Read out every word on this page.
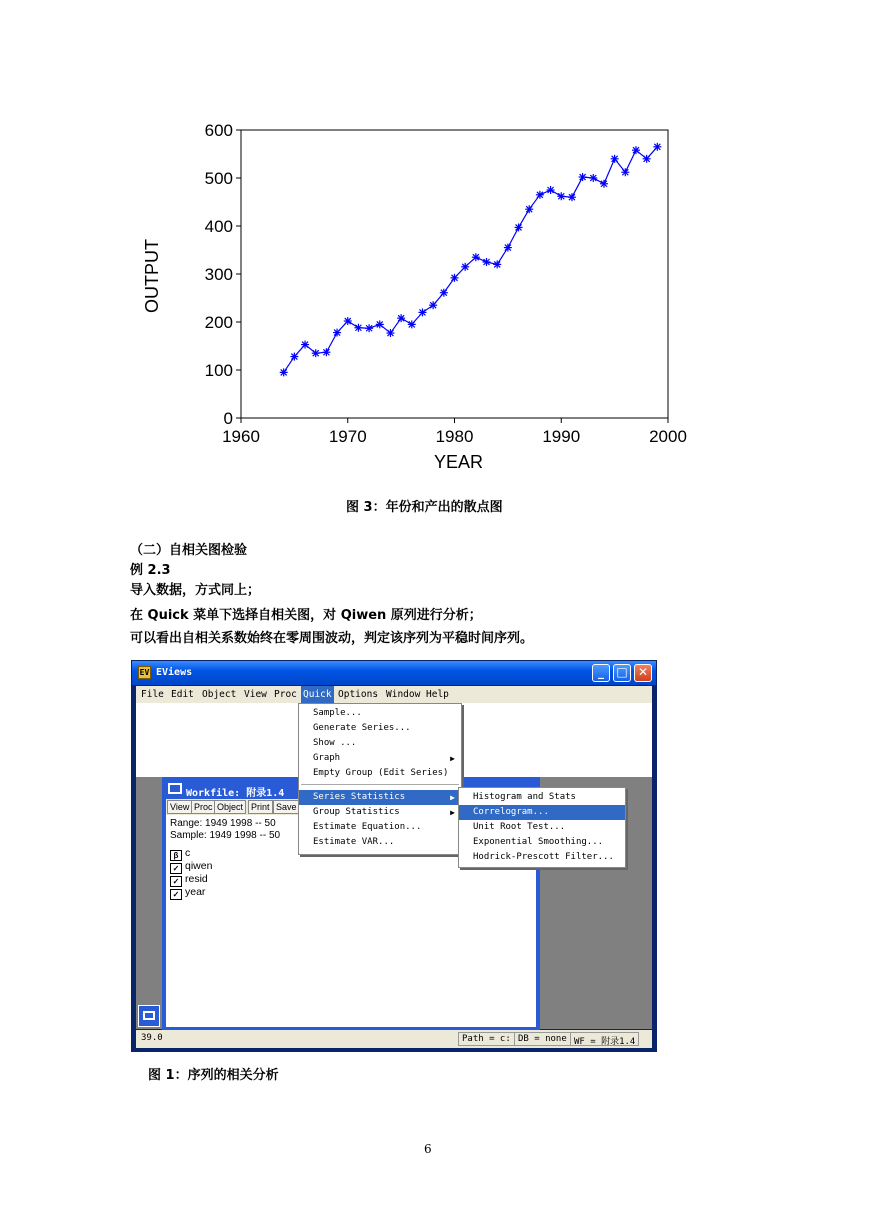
0
100
200
300
400
500
600
1960	1970	1980	1990	2000
YEAR
OUTPUT
图 3：年份和产出的散点图
（二）自相关图检验
例 2.3
导入数据，方式同上；
在 Quick 菜单下选择自相关图，对 Qiwen 原列进行分析；
可以看出自相关系数始终在零周围波动，判定该序列为平稳时间序列。
EV EViews	_	□ ✕
File Edit Object View Proc Quick Options Window Help
Workfile: 附录1.4
View Proc Object Print Save
Range: 1949 1998 -- 50
Sample: 1949 1998 -- 50
β c
✓ qiwen
✓ resid
✓ year
Sample...
Generate Series...
Show ...
Graph	▶
Empty Group (Edit Series)
Series Statistics	▶
Group Statistics	▶
Estimate Equation...
Estimate VAR...
Histogram and Stats
Correlogram...
Unit Root Test...
Exponential Smoothing...
Hodrick-Prescott Filter...
39.0	Path = c: DB = none WF = 附录1.4
图 1：序列的相关分析
6
